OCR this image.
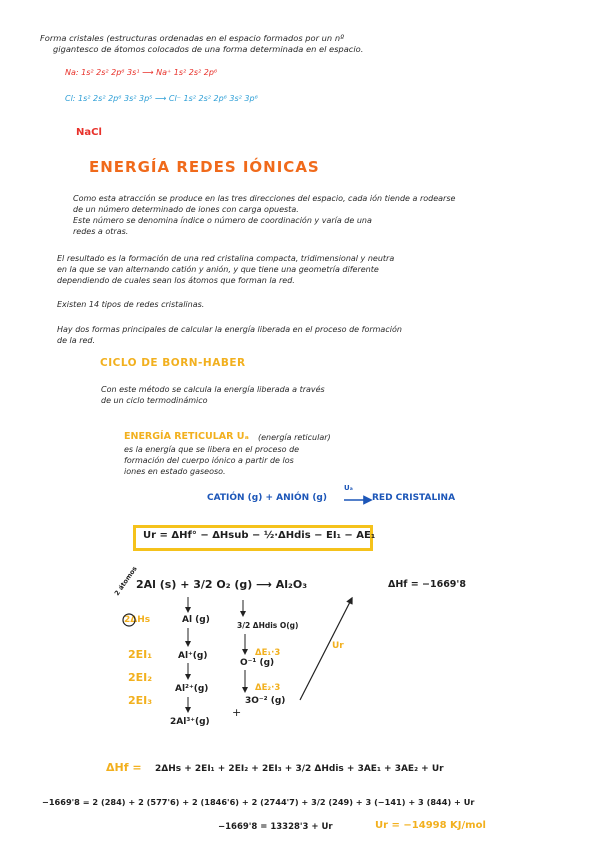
Forma cristales (estructuras ordenadas en el espacio formados por un nº
gigantesco de átomos colocados de una forma determinada en el espacio.
Na: 1s² 2s² 2p⁶ 3s¹ ⟶ Na⁺ 1s² 2s² 2p⁶
Cl: 1s² 2s² 2p⁶ 3s² 3p⁵ ⟶ Cl⁻ 1s² 2s² 2p⁶ 3s² 3p⁶
NaCl
ENERGÍA REDES IÓNICAS
Como esta atracción se produce en las tres direcciones del espacio, cada ión tiende a rodearse
de un número determinado de iones con carga opuesta.
Este número se denomina índice o número de coordinación y varía de una
redes a otras.
El resultado es la formación de una red cristalina compacta, tridimensional y neutra
en la que se van alternando catión y anión, y que tiene una geometría diferente
dependiendo de cuales sean los átomos que forman la red.
Existen 14 tipos de redes cristalinas.
Hay dos formas principales de calcular la energía liberada en el proceso de formación
de la red.
CICLO DE BORN-HABER
Con este método se calcula la energía liberada a través
de un ciclo termodinámico
ENERGÍA RETICULAR Uₐ (energía reticular)
es la energía que se libera en el proceso de
formación del cuerpo iónico a partir de los
iones en estado gaseoso.
CATIÓN (g) + ANIÓN (g)
Uₐ
RED CRISTALINA
Ur = ΔHf° − ΔHsub − ½·ΔHdis − EI₁ − AE₁
2 átomos
2Al (s) + 3/2 O₂ (g) ⟶ Al₂O₃	ΔHf = −1669'8
2ΔHs	Al (g)
2EI₁	Al⁺(g)
2EI₂
Al²⁺(g)
2EI₃
2Al³⁺(g)
3/2 ΔHdis O(g)
ΔE₁·3
O⁻¹ (g)
ΔE₂·3
3O⁻² (g)
Ur
+
ΔHf = 2ΔHs + 2EI₁ + 2EI₂ + 2EI₃ + 3/2 ΔHdis + 3AE₁ + 3AE₂ + Ur
−1669'8 = 2 (284) + 2 (577'6) + 2 (1846'6) + 2 (2744'7) + 3/2 (249) + 3 (−141) + 3 (844) + Ur
−1669'8 = 13328'3 + Ur	Ur = −14998 KJ/mol
